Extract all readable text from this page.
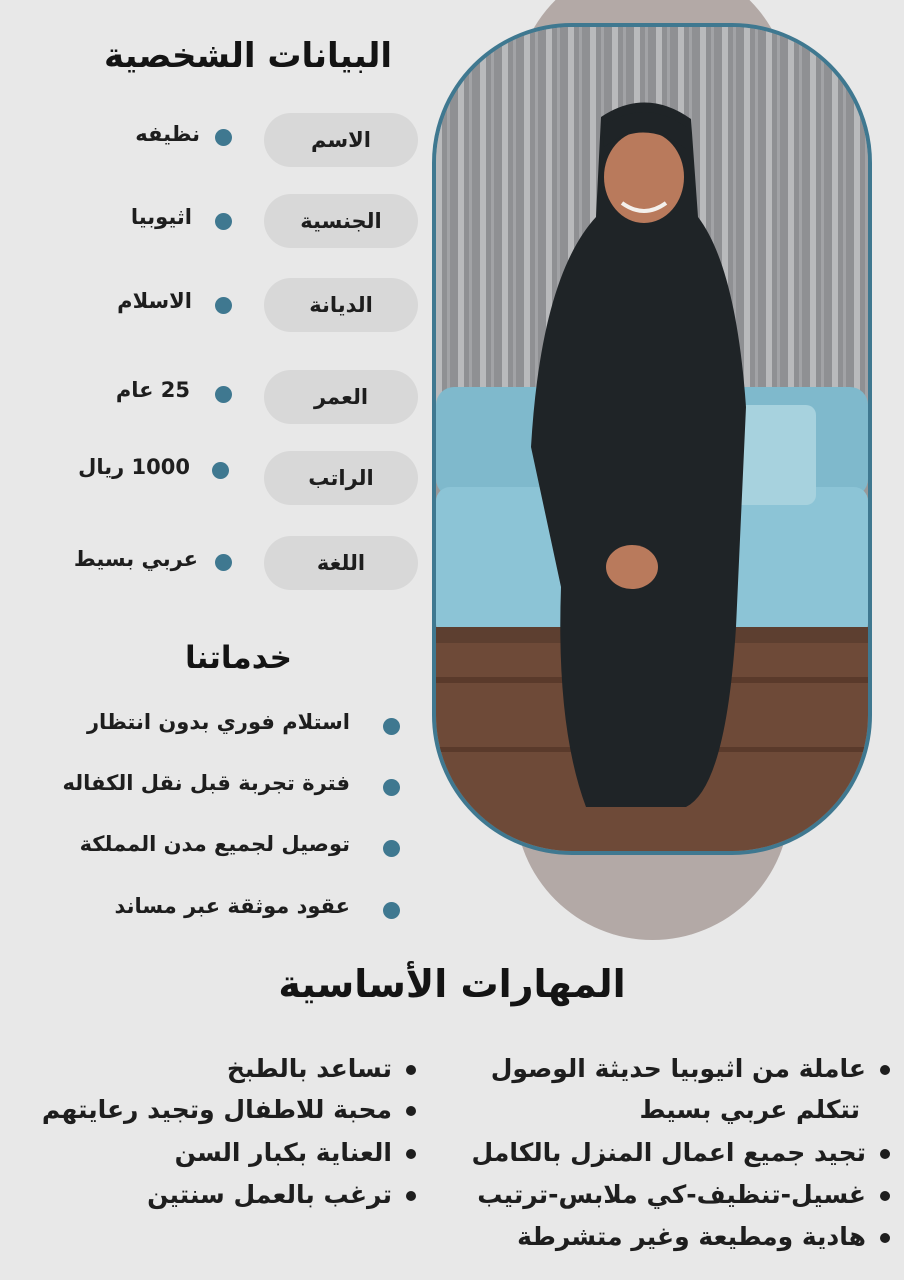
البيانات الشخصية
الاسم
نظيفه
الجنسية
اثيوبيا
الديانة
الاسلام
العمر
25 عام
الراتب
1000 ريال
اللغة
عربي بسيط
خدماتنا
استلام فوري بدون انتظار
فترة تجربة قبل نقل الكفاله
توصيل لجميع مدن المملكة
عقود موثقة عبر مساند
المهارات الأساسية
عاملة من اثيوبيا حديثة الوصول
تتكلم عربي بسيط
تجيد جميع اعمال المنزل بالكامل
غسيل-تنظيف-كي ملابس-ترتيب
هادية ومطيعة وغير متشرطة
تساعد بالطبخ
محبة للاطفال وتجيد رعايتهم
العناية بكبار السن
ترغب بالعمل سنتين
